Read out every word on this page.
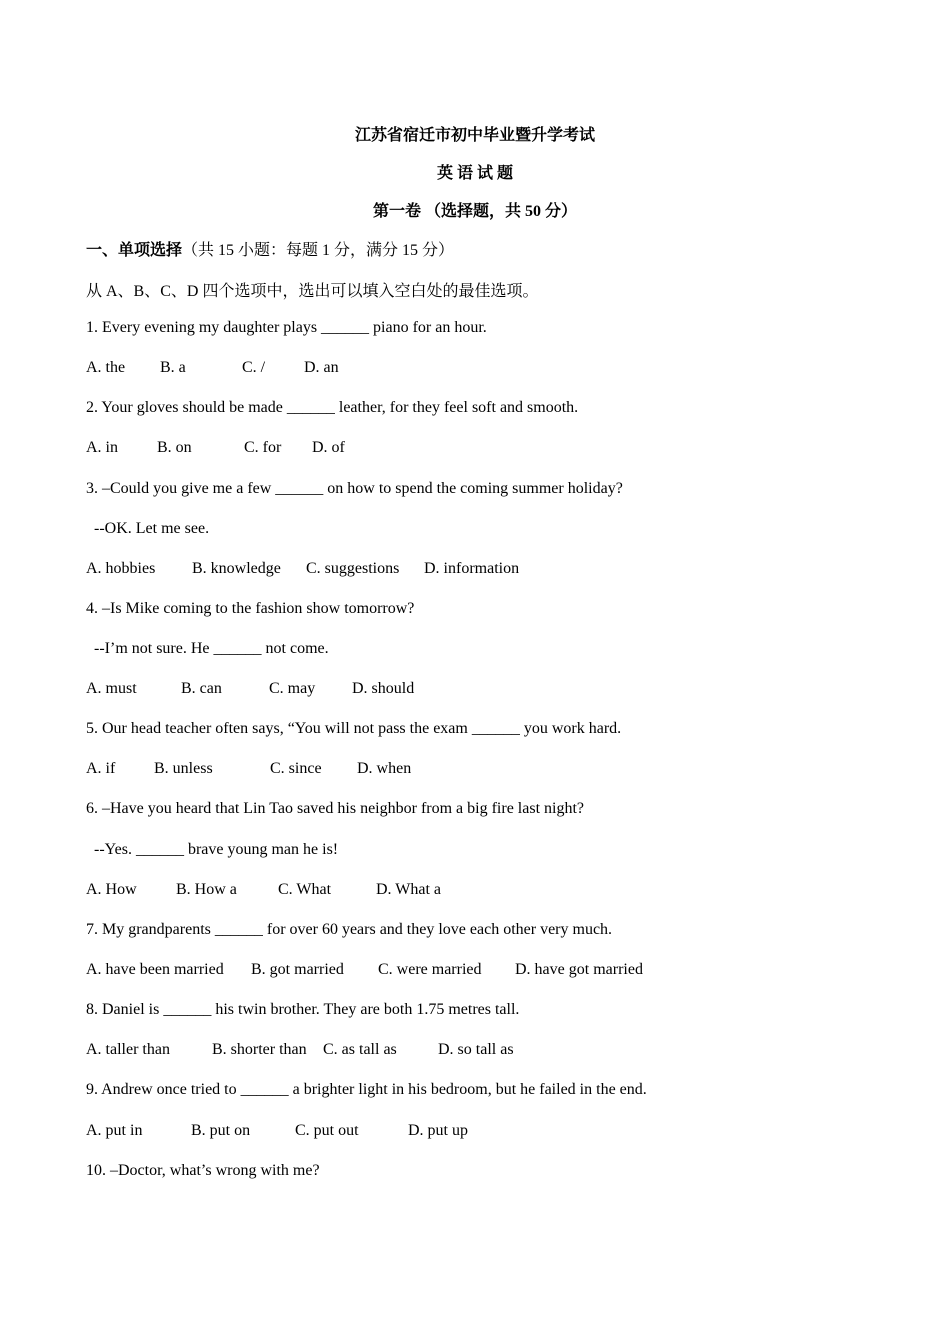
江苏省宿迁市初中毕业暨升学考试
英 语 试 题
第一卷 （选择题，共 50 分）
一、单项选择（共 15 小题：每题 1 分，满分 15 分）
从 A、B、C、D 四个选项中，选出可以填入空白处的最佳选项。
1. Every evening my daughter plays ______ piano for an hour.
A. the B. a	C. / D. an
2. Your gloves should be made ______ leather, for they feel soft and smooth.
A. in B. on	C. for D. of
3. –Could you give me a few ______ on how to spend the coming summer holiday?
--OK. Let me see.
A. hobbies B. knowledge C. suggestions D. information
4. –Is Mike coming to the fashion show tomorrow?
--I’m not sure. He ______ not come.
A. must	B. can	C. may D. should
5. Our head teacher often says, “You will not pass the exam ______ you work hard.
A. if B. unless	C. since D. when
6. –Have you heard that Lin Tao saved his neighbor from a big fire last night?
--Yes. ______ brave young man he is!
A. How B. How a	C. What	D. What a
7. My grandparents ______ for over 60 years and they love each other very much.
A. have been married B. got married C. were married D. have got married
8. Daniel is ______ his twin brother. They are both 1.75 metres tall.
A. taller than	B. shorter than C. as tall as	D. so tall as
9. Andrew once tried to ______ a brighter light in his bedroom, but he failed in the end.
A. put in	B. put on	C. put out	D. put up
10. –Doctor, what’s wrong with me?
